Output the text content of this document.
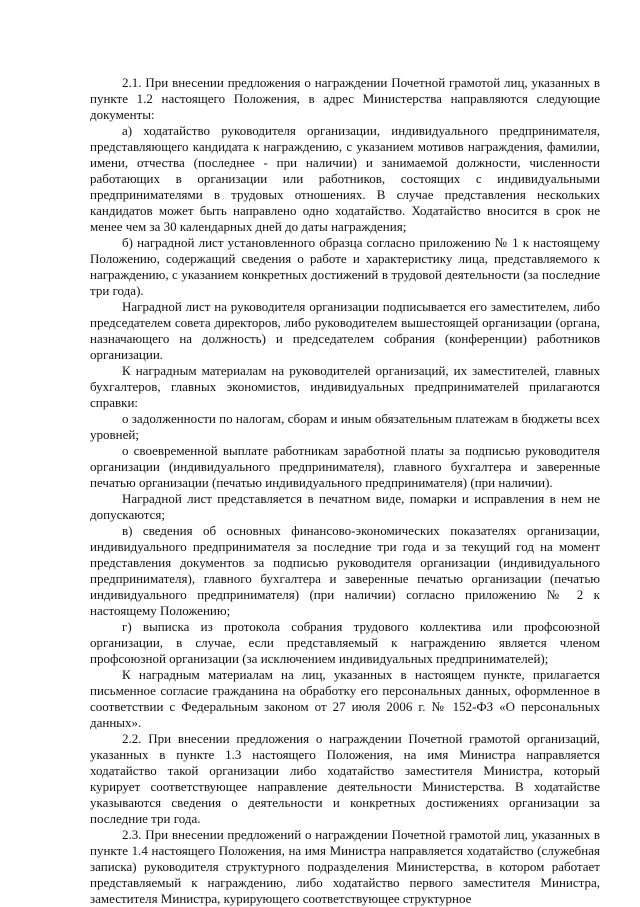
2.1. При внесении предложения о награждении Почетной грамотой лиц, указанных в пункте 1.2 настоящего Положения, в адрес Министерства направляются следующие документы:

а) ходатайство руководителя организации, индивидуального предпринимателя, представляющего кандидата к награждению, с указанием мотивов награждения, фамилии, имени, отчества (последнее - при наличии) и занимаемой должности, численности работающих в организации или работников, состоящих с индивидуальными предпринимателями в трудовых отношениях. В случае представления нескольких кандидатов может быть направлено одно ходатайство. Ходатайство вносится в срок не менее чем за 30 календарных дней до даты награждения;

б) наградной лист установленного образца согласно приложению № 1 к настоящему Положению, содержащий сведения о работе и характеристику лица, представляемого к награждению, с указанием конкретных достижений в трудовой деятельности (за последние три года).

Наградной лист на руководителя организации подписывается его заместителем, либо председателем совета директоров, либо руководителем вышестоящей организации (органа, назначающего на должность) и председателем собрания (конференции) работников организации.

К наградным материалам на руководителей организаций, их заместителей, главных бухгалтеров, главных экономистов, индивидуальных предпринимателей прилагаются справки:

о задолженности по налогам, сборам и иным обязательным платежам в бюджеты всех уровней;

о своевременной выплате работникам заработной платы за подписью руководителя организации (индивидуального предпринимателя), главного бухгалтера и заверенные печатью организации (печатью индивидуального предпринимателя) (при наличии).

Наградной лист представляется в печатном виде, помарки и исправления в нем не допускаются;

в) сведения об основных финансово-экономических показателях организации, индивидуального предпринимателя за последние три года и за текущий год на момент представления документов за подписью руководителя организации (индивидуального предпринимателя), главного бухгалтера и заверенные печатью организации (печатью индивидуального предпринимателя) (при наличии) согласно приложению № 2 к настоящему Положению;

г) выписка из протокола собрания трудового коллектива или профсоюзной организации, в случае, если представляемый к награждению является членом профсоюзной организации (за исключением индивидуальных предпринимателей);

К наградным материалам на лиц, указанных в настоящем пункте, прилагается письменное согласие гражданина на обработку его персональных данных, оформленное в соответствии с Федеральным законом от 27 июля 2006 г. № 152-ФЗ «О персональных данных».

2.2. При внесении предложения о награждении Почетной грамотой организаций, указанных в пункте 1.3 настоящего Положения, на имя Министра направляется ходатайство такой организации либо ходатайство заместителя Министра, который курирует соответствующее направление деятельности Министерства. В ходатайстве указываются сведения о деятельности и конкретных достижениях организации за последние три года.

2.3. При внесении предложений о награждении Почетной грамотой лиц, указанных в пункте 1.4 настоящего Положения, на имя Министра направляется ходатайство (служебная записка) руководителя структурного подразделения Министерства, в котором работает представляемый к награждению, либо ходатайство первого заместителя Министра, заместителя Министра, курирующего соответствующее структурное
